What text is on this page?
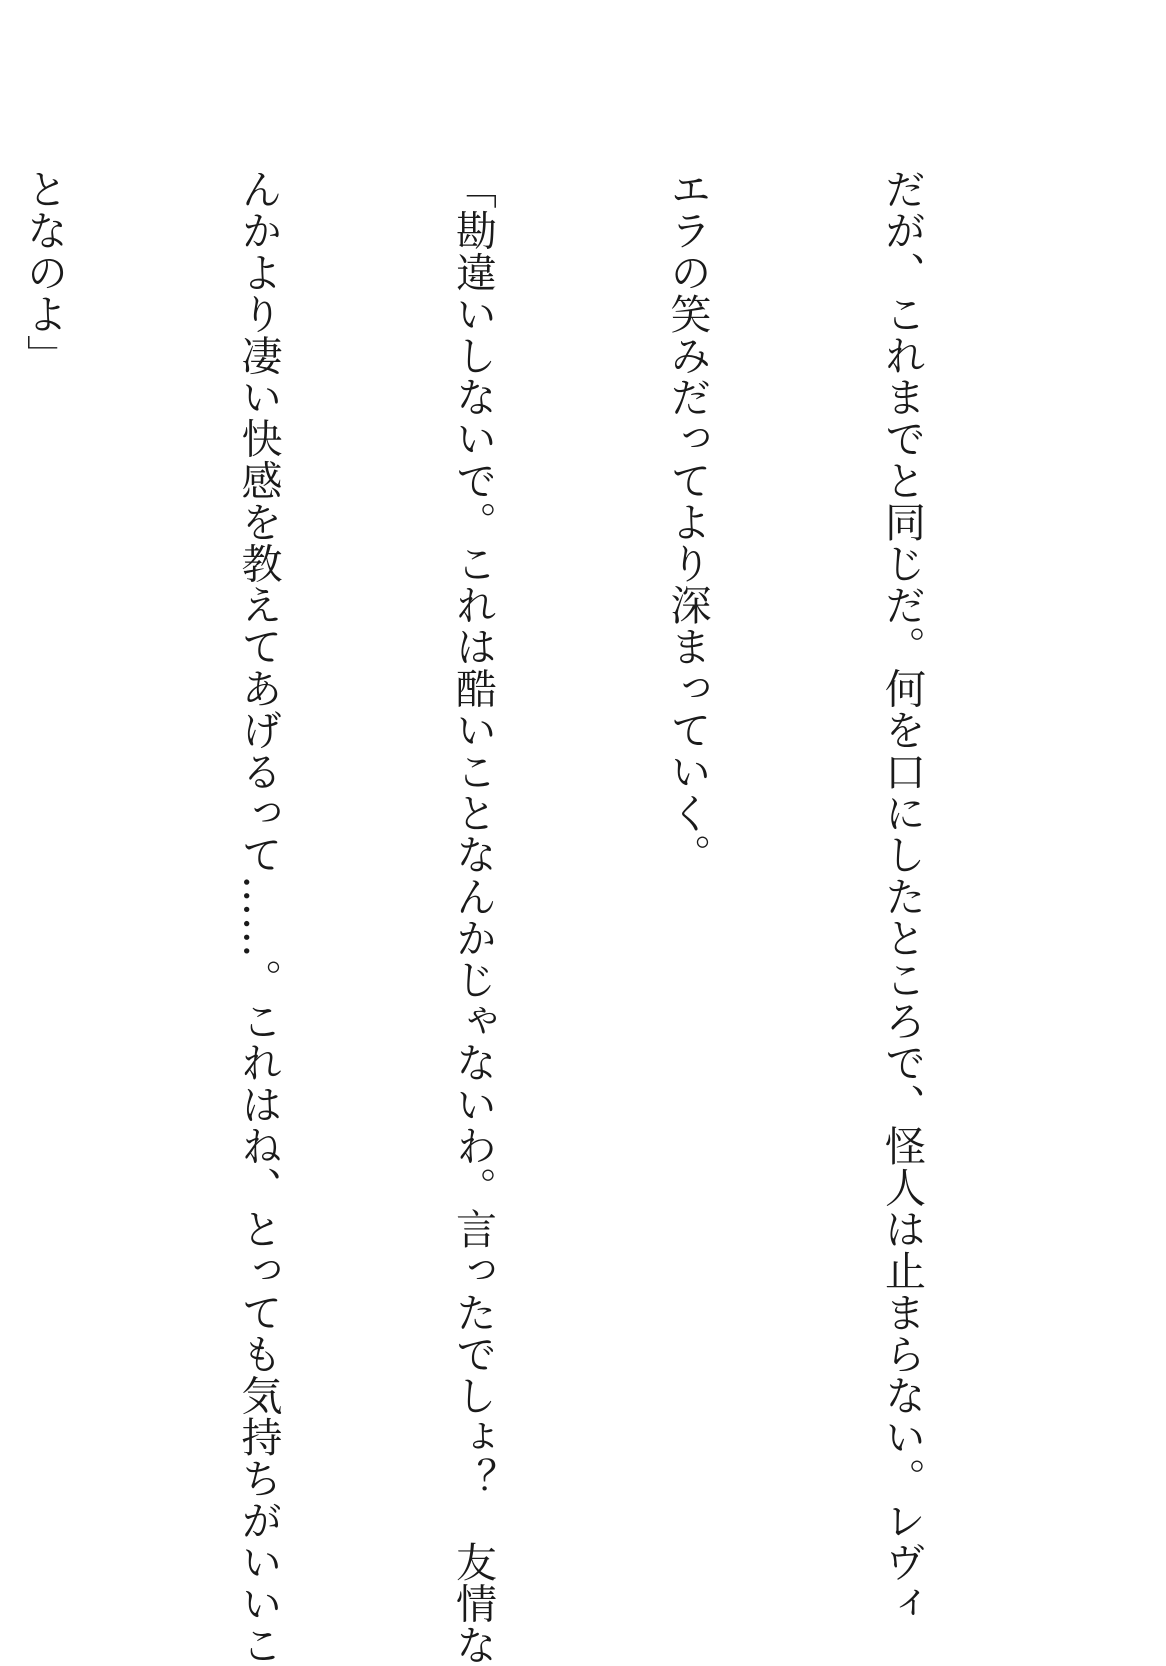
だが、これまでと同じだ。何を口にしたところで、怪人は止まらない。レヴィ

エラの笑みだってより深まっていく。

「勘違いしないで。これは酷いことなんかじゃないわ。言ったでしょ？　友情な

んかより凄い快感を教えてあげるって……。これはね、とっても気持ちがいいこ

となのよ」
